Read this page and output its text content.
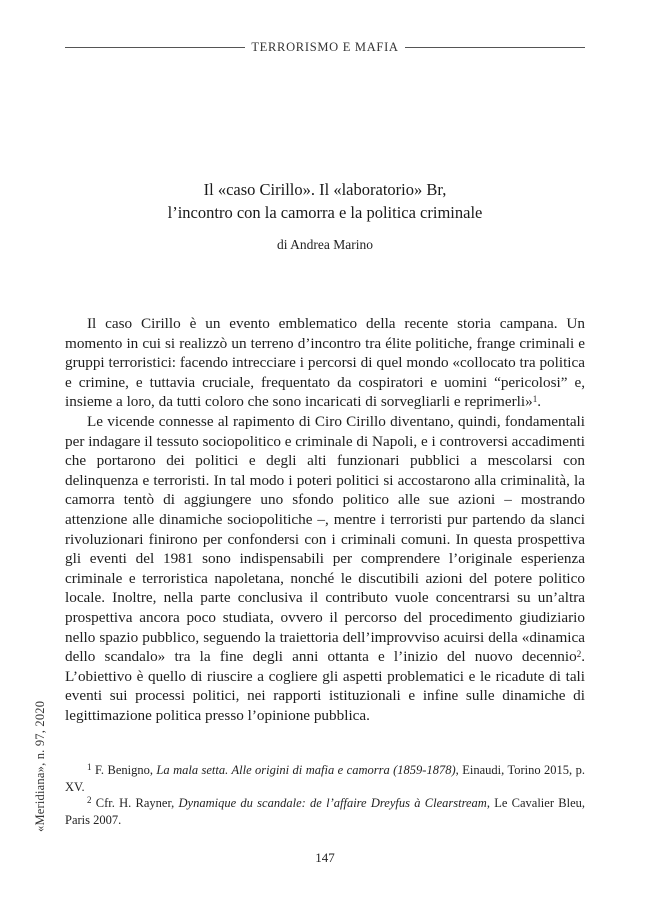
TERRORISMO E MAFIA
Il «caso Cirillo». Il «laboratorio» Br,
l’incontro con la camorra e la politica criminale
di Andrea Marino

Il caso Cirillo è un evento emblematico della recente storia campana. Un momento in cui si realizzò un terreno d’incontro tra élite politiche, frange criminali e gruppi terroristici: facendo intrecciare i percorsi di quel mondo «collocato tra politica e crimine, e tuttavia cruciale, frequentato da cospiratori e uomini “pericolosi” e, insieme a loro, da tutti coloro che sono incaricati di sorvegliarli e reprimerli»$^1$.

Le vicende connesse al rapimento di Ciro Cirillo diventano, quindi, fondamentali per indagare il tessuto sociopolitico e criminale di Napoli, e i controversi accadimenti che portarono dei politici e degli alti funzionari pubblici a mescolarsi con delinquenza e terroristi. In tal modo i poteri politici si accostarono alla criminalità, la camorra tentò di aggiungere uno sfondo politico alle sue azioni – mostrando attenzione alle dinamiche sociopolitiche –, mentre i terroristi pur partendo da slanci rivoluzionari finirono per confondersi con i criminali comuni. In questa prospettiva gli eventi del 1981 sono indispensabili per comprendere l’originale esperienza criminale e terroristica napoletana, nonché le discutibili azioni del potere politico locale. Inoltre, nella parte conclusiva il contributo vuole concentrarsi su un’altra prospettiva ancora poco studiata, ovvero il percorso del procedimento giudiziario nello spazio pubblico, seguendo la traiettoria dell’improvviso acuirsi della «dinamica dello scandalo» tra la fine degli anni ottanta e l’inizio del nuovo decennio$^2$. L’obiettivo è quello di riuscire a cogliere gli aspetti problematici e le ricadute di tali eventi sui processi politici, nei rapporti istituzionali e infine sulle dinamiche di legittimazione politica presso l’opinione pubblica.

$^1$ F. Benigno, La mala setta. Alle origini di mafia e camorra (1859-1878), Einaudi, Torino 2015, p. XV.

$^2$ Cfr. H. Rayner, Dynamique du scandale: de l’affaire Dreyfus à Clearstream, Le Cavalier Bleu, Paris 2007.

147
«Meridiana», n. 97, 2020
